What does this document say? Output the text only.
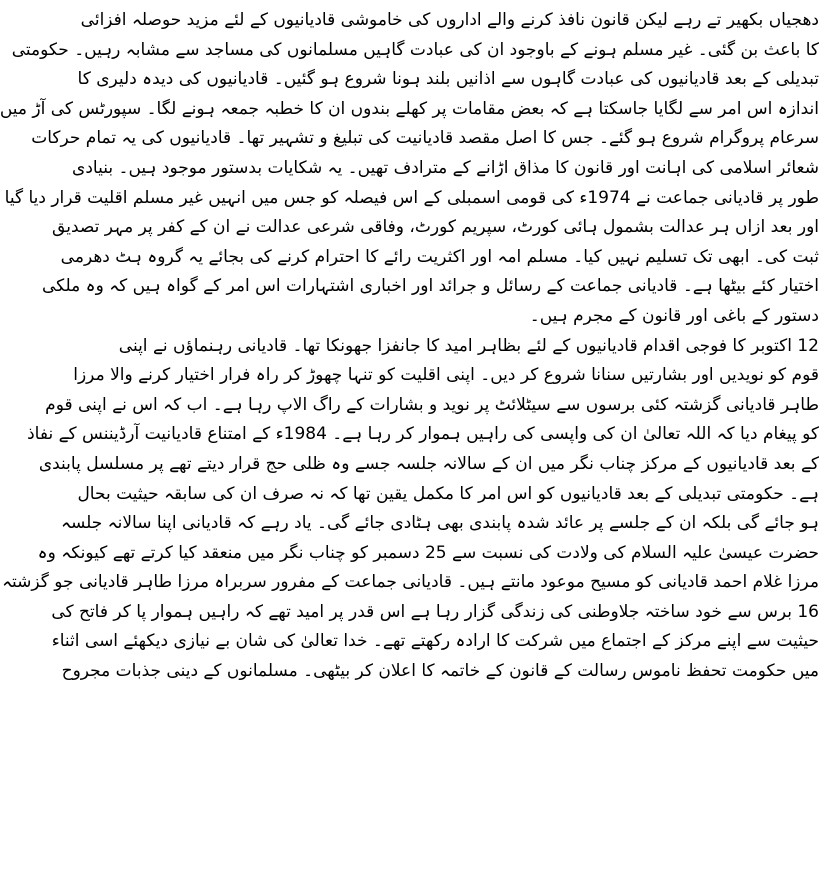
دھجیاں بکھیر تے رہے لیکن قانون نافذ کرنے والے اداروں کی خاموشی قادیانیوں کے لئے مزید حوصلہ افزائی

کا باعث بن گئی۔ غیر مسلم ہونے کے باوجود ان کی عبادت گاہیں مسلمانوں کی مساجد سے مشابہ رہیں۔ حکومتی

تبدیلی کے بعد قادیانیوں کی عبادت گاہوں سے اذانیں بلند ہونا شروع ہو گئیں۔ قادیانیوں کی دیدہ دلیری کا

اندازہ اس امر سے لگایا جاسکتا ہے کہ بعض مقامات پر کھلے بندوں ان کا خطبہ جمعہ ہونے لگا۔ سپورٹس کی آڑ میں

سرعام پروگرام شروع ہو گئے۔ جس کا اصل مقصد قادیانیت کی تبلیغ و تشہیر تھا۔ قادیانیوں کی یہ تمام حرکات

شعائر اسلامی کی اہانت اور قانون کا مذاق اڑانے کے مترادف تھیں۔ یہ شکایات بدستور موجود ہیں۔ بنیادی

طور پر قادیانی جماعت نے 1974ء کی قومی اسمبلی کے اس فیصلہ کو جس میں انہیں غیر مسلم اقلیت قرار دیا گیا

اور بعد ازاں ہر عدالت بشمول ہائی کورٹ، سپریم کورٹ، وفاقی شرعی عدالت نے ان کے کفر پر مہر تصدیق

ثبت کی۔ ابھی تک تسلیم نہیں کیا۔ مسلم امہ اور اکثریت رائے کا احترام کرنے کی بجائے یہ گروہ ہٹ دھرمی

اختیار کئے بیٹھا ہے۔ قادیانی جماعت کے رسائل و جرائد اور اخباری اشتہارات اس امر کے گواہ ہیں کہ وہ ملکی

دستور کے باغی اور قانون کے مجرم ہیں۔

12 اکتوبر کا فوجی اقدام قادیانیوں کے لئے بظاہر امید کا جانفزا جھونکا تھا۔ قادیانی رہنماؤں نے اپنی

قوم کو نویدیں اور بشارتیں سنانا شروع کر دیں۔ اپنی اقلیت کو تنہا چھوڑ کر راہ فرار اختیار کرنے والا مرزا

طاہر قادیانی گزشتہ کئی برسوں سے سیٹلائٹ پر نوید و بشارات کے راگ الاپ رہا ہے۔ اب کہ اس نے اپنی قوم

کو پیغام دیا کہ اللہ تعالیٰ ان کی واپسی کی راہیں ہموار کر رہا ہے۔ 1984ء کے امتناع قادیانیت آرڈیننس کے نفاذ

کے بعد قادیانیوں کے مرکز چناب نگر میں ان کے سالانہ جلسہ جسے وہ ظلی حج قرار دیتے تھے پر مسلسل پابندی

ہے۔ حکومتی تبدیلی کے بعد قادیانیوں کو اس امر کا مکمل یقین تھا کہ نہ صرف ان کی سابقہ حیثیت بحال

ہو جائے گی بلکہ ان کے جلسے پر عائد شدہ پابندی بھی ہٹادی جائے گی۔ یاد رہے کہ قادیانی اپنا سالانہ جلسہ

حضرت عیسیٰ علیہ السلام کی ولادت کی نسبت سے 25 دسمبر کو چناب نگر میں منعقد کیا کرتے تھے کیونکہ وہ

مرزا غلام احمد قادیانی کو مسیح موعود مانتے ہیں۔ قادیانی جماعت کے مفرور سربراہ مرزا طاہر قادیانی جو گزشتہ

16 برس سے خود ساختہ جلاوطنی کی زندگی گزار رہا ہے اس قدر پر امید تھے کہ راہیں ہموار پا کر فاتح کی

حیثیت سے اپنے مرکز کے اجتماع میں شرکت کا ارادہ رکھتے تھے۔ خدا تعالیٰ کی شان بے نیازی دیکھئے اسی اثناء

میں حکومت تحفظ ناموس رسالت کے قانون کے خاتمہ کا اعلان کر بیٹھی۔ مسلمانوں کے دینی جذبات مجروح
